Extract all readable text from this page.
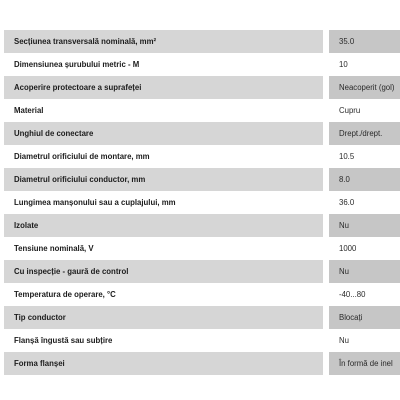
Secțiunea transversală nominală, mm²	35.0
Dimensiunea șurubului metric - M	10
Acoperire protectoare a suprafeței	Neacoperit (gol)
Material	Cupru
Unghiul de conectare	Drept./drept.
Diametrul orificiului de montare, mm	10.5
Diametrul orificiului conductor, mm	8.0
Lungimea manșonului sau a cuplajului, mm	36.0
Izolate	Nu
Tensiune nominală, V	1000
Cu inspecție - gaură de control	Nu
Temperatura de operare, °C	-40...80
Tip conductor	Blocați
Flanșă îngustă sau subțire	Nu
Forma flanșei	În formă de inel
